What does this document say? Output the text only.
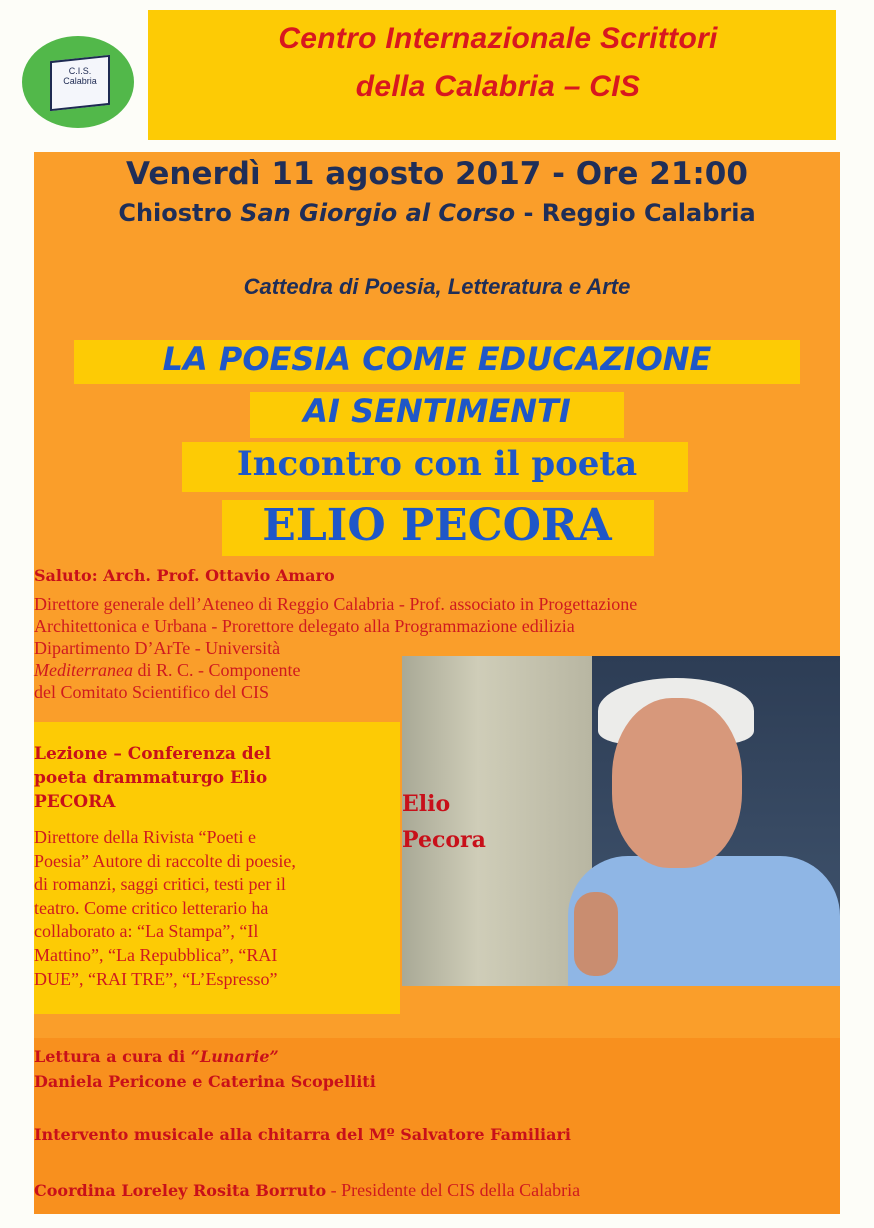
C.I.S. Calabria
Centro Internazionale Scrittori
della Calabria – CIS
Venerdì 11 agosto 2017 - Ore 21:00
Chiostro San Giorgio al Corso - Reggio Calabria
Cattedra di Poesia, Letteratura e Arte
LA POESIA COME EDUCAZIONE
AI SENTIMENTI
Incontro con il poeta
ELIO PECORA
Saluto: Arch. Prof. Ottavio Amaro
Direttore generale dell’Ateneo di Reggio Calabria - Prof. associato in Progettazione
Architettonica e Urbana - Prorettore delegato alla Programmazione edilizia
Dipartimento D’ArTe - Università
Mediterranea di R. C. - Componente
del Comitato Scientifico del CIS
Lezione – Conferenza del
poeta drammaturgo Elio
PECORA
Direttore della Rivista “Poeti e
Poesia” Autore di raccolte di poesie,
di romanzi, saggi critici, testi per il
teatro. Come critico letterario ha
collaborato a: “La Stampa”, “Il
Mattino”, “La Repubblica”, “RAI
DUE”, “RAI TRE”, “L’Espresso”
Elio
Pecora
Lettura a cura di “Lunarie”
Daniela Pericone e Caterina Scopelliti
Intervento musicale alla chitarra del Mº Salvatore Familiari
Coordina Loreley Rosita Borruto - Presidente del CIS della Calabria
